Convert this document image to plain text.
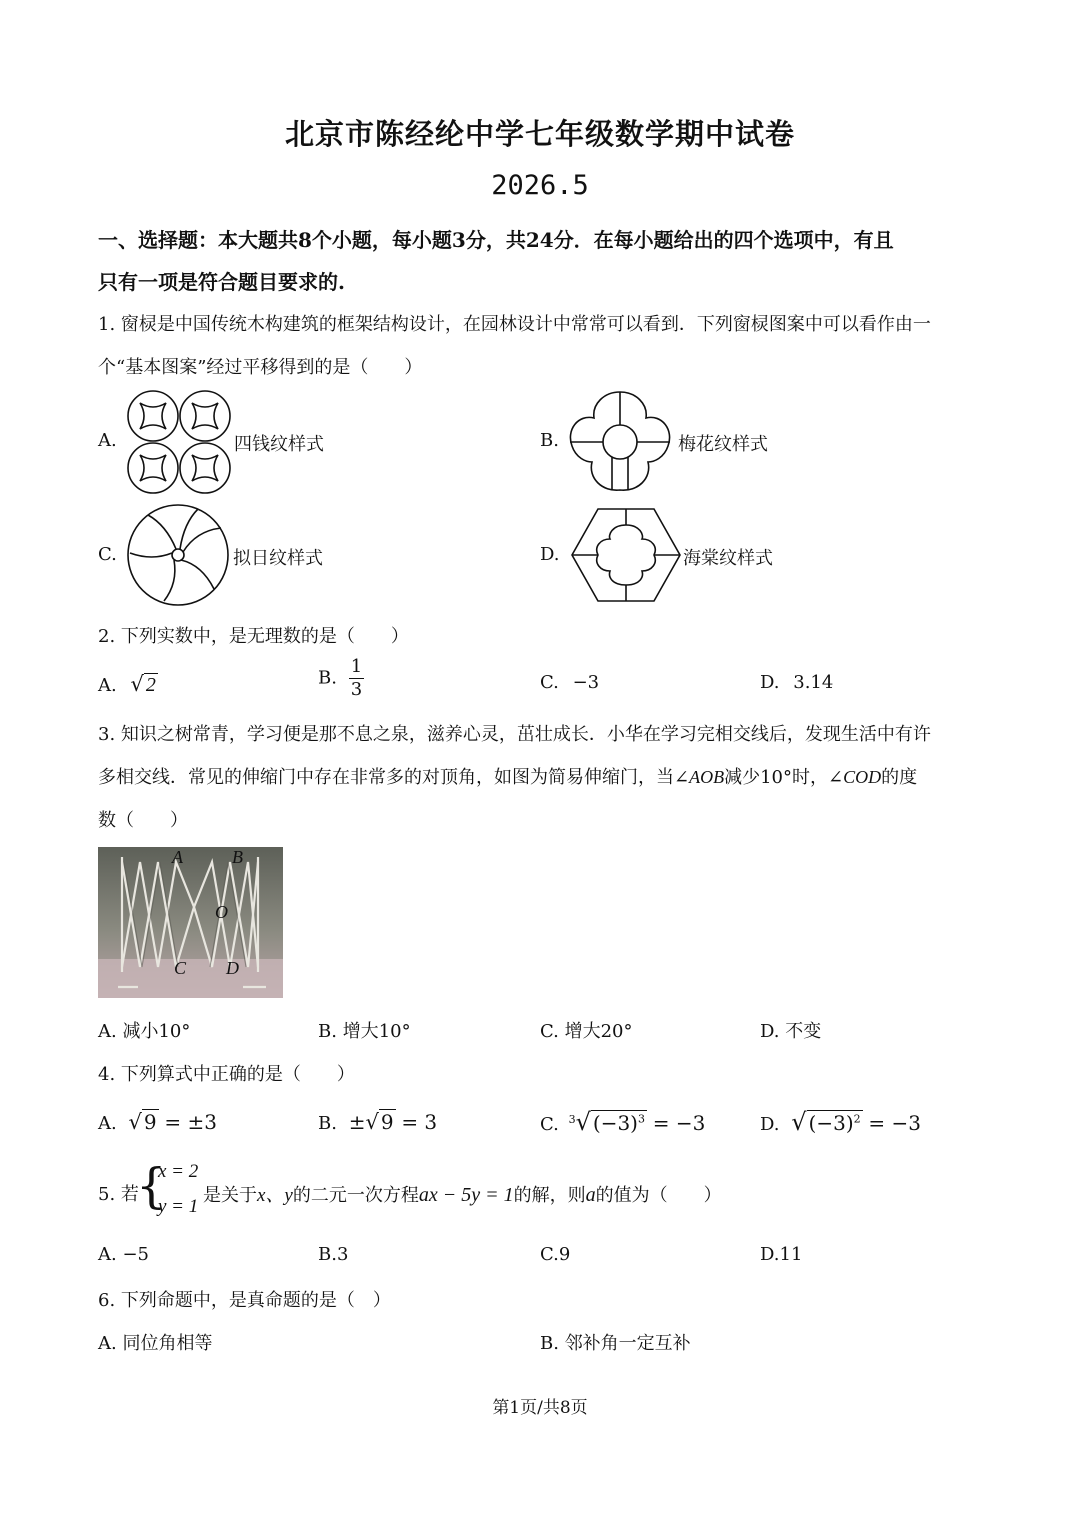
北京市陈经纶中学七年级数学期中试卷
2026.5
一、选择题：本大题共8个小题，每小题3分，共24分．在每小题给出的四个选项中，有且
只有一项是符合题目要求的.
1. 窗棂是中国传统木构建筑的框架结构设计，在园林设计中常常可以看到．下列窗棂图案中可以看作由一
个“基本图案”经过平移得到的是（　　）
A.	四钱纹样式	B.	梅花纹样式
C.	拟日纹样式	D.	海棠纹样式
2. 下列实数中，是无理数的是（　　）
A. √ 2	B. $\frac{1}{3}$	C. −3	D. 3.14
3. 知识之树常青，学习便是那不息之泉，滋养心灵，茁壮成长．小华在学习完相交线后，发现生活中有许
多相交线．常见的伸缩门中存在非常多的对顶角，如图为简易伸缩门，当∠AOB减少10°时，∠COD的度
数（　　）
A	B
O
C D
A. 减小10°	B. 增大10°	C. 增大20°	D. 不变
4. 下列算式中正确的是（　　）
A. √ 9 = ±3	B. ±√ 9 = 3	C. $^3$√ $(-3)^3 = -3$	D. √ $(-3)^2 = -3$
5. 若
{
x = 2
y = 1
是关于x、y的二元一次方程ax − 5y = 1的解，则a的值为（　　）
A. −5	B.3	C.9	D.11
6. 下列命题中，是真命题的是（　）
A. 同位角相等	B. 邻补角一定互补
第1页/共8页
